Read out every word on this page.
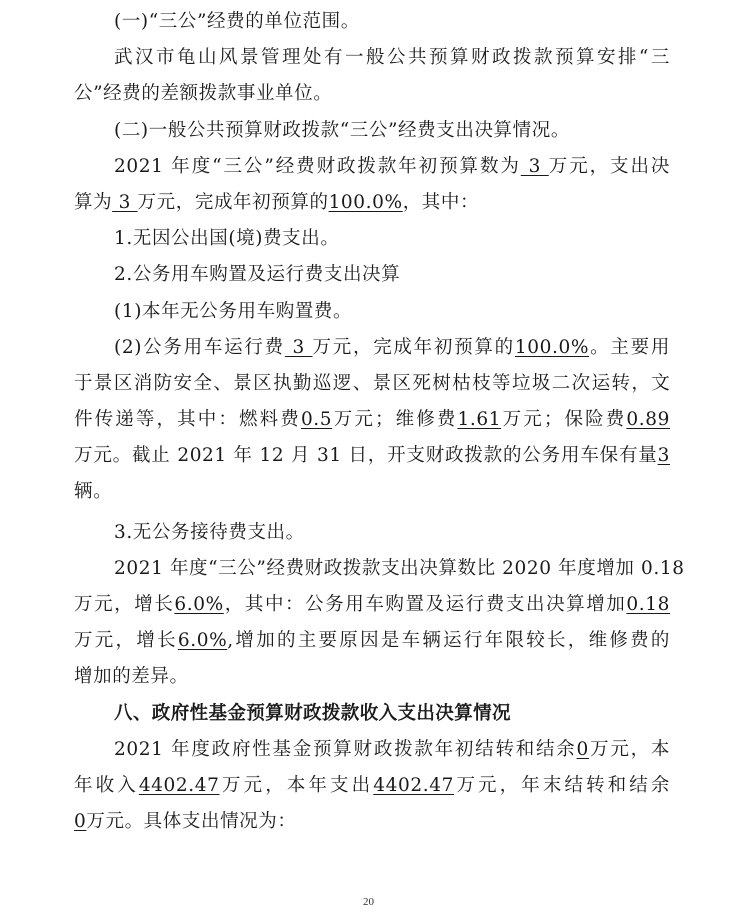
(一)“三公”经费的单位范围。
武汉市龟山风景管理处有一般公共预算财政拨款预算安排“三
公”经费的差额拨款事业单位。
(二)一般公共预算财政拨款“三公”经费支出决算情况。
2021 年度“三公”经费财政拨款年初预算数为 3 万元，支出决
算为 3 万元，完成年初预算的100.0%，其中：
1.无因公出国(境)费支出。
2.公务用车购置及运行费支出决算
(1)本年无公务用车购置费。
(2)公务用车运行费 3 万元，完成年初预算的100.0%。主要用
于景区消防安全、景区执勤巡逻、景区死树枯枝等垃圾二次运转，文
件传递等，其中：燃料费0.5万元；维修费1.61万元；保险费0.89
万元。截止 2021 年 12 月 31 日，开支财政拨款的公务用车保有量3
辆。
3.无公务接待费支出。
2021 年度“三公”经费财政拨款支出决算数比 2020 年度增加 0.18
万元，增长6.0%，其中：公务用车购置及运行费支出决算增加0.18
万元，增长6.0%,增加的主要原因是车辆运行年限较长，维修费的
增加的差异。
八、政府性基金预算财政拨款收入支出决算情况
2021 年度政府性基金预算财政拨款年初结转和结余0万元，本
年收入4402.47万元，本年支出4402.47万元，年末结转和结余
0万元。具体支出情况为：
20
